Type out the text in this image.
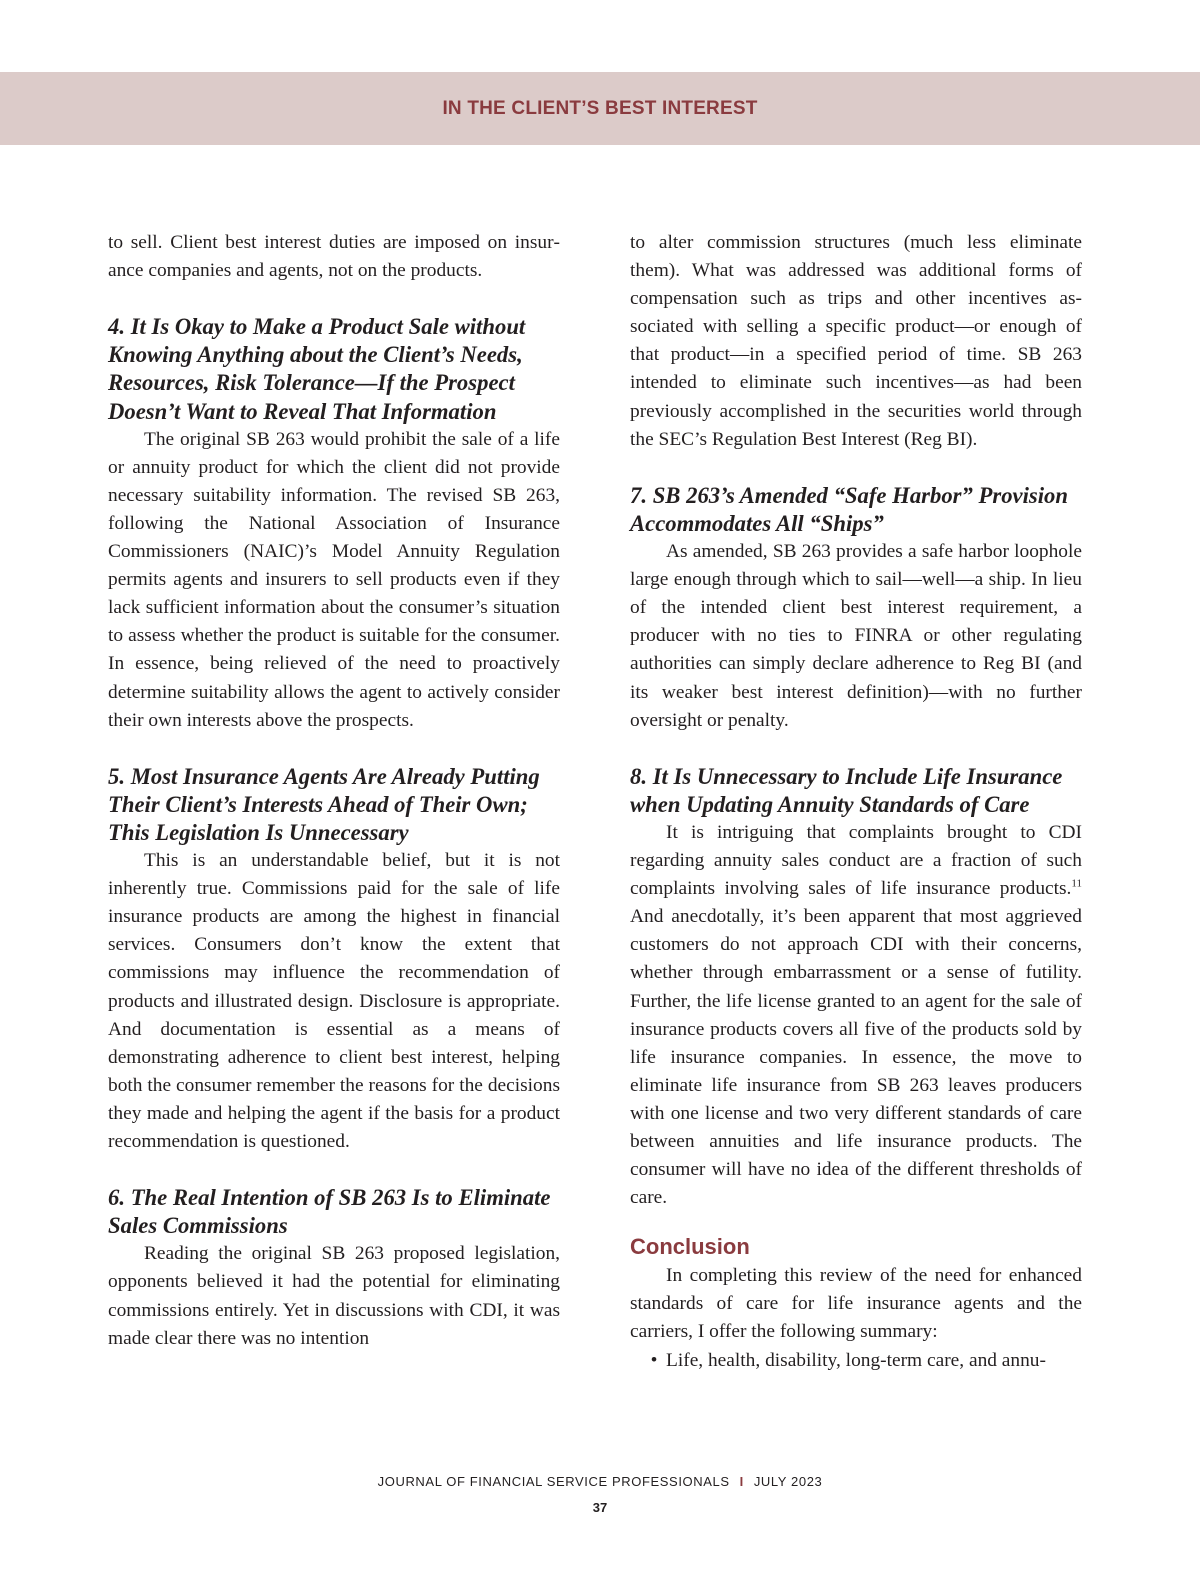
IN THE CLIENT’S BEST INTEREST

to sell. Client best interest duties are imposed on insurance companies and agents, not on the products.

4. It Is Okay to Make a Product Sale without Knowing Anything about the Client’s Needs, Resources, Risk Tolerance—If the Prospect Doesn’t Want to Reveal That Information

The original SB 263 would prohibit the sale of a life or annuity product for which the client did not provide necessary suitability information. The revised SB 263, following the National Association of Insurance Commissioners (NAIC)’s Model Annuity Regulation permits agents and insurers to sell products even if they lack sufficient information about the consumer’s situation to assess whether the product is suitable for the consumer. In essence, being relieved of the need to proactively determine suitability allows the agent to actively consider their own interests above the prospects.

5. Most Insurance Agents Are Already Putting Their Client’s Interests Ahead of Their Own; This Legislation Is Unnecessary

This is an understandable belief, but it is not inherently true. Commissions paid for the sale of life insurance products are among the highest in financial services. Consumers don’t know the extent that commissions may influence the recommendation of products and illustrated design. Disclosure is appropriate. And documentation is essential as a means of demonstrating adherence to client best interest, helping both the consumer remember the reasons for the decisions they made and helping the agent if the basis for a product recommendation is questioned.

6. The Real Intention of SB 263 Is to Eliminate Sales Commissions

Reading the original SB 263 proposed legislation, opponents believed it had the potential for eliminating commissions entirely. Yet in discussions with CDI, it was made clear there was no intention

to alter commission structures (much less eliminate them). What was addressed was additional forms of compensation such as trips and other incentives associated with selling a specific product—or enough of that product—in a specified period of time. SB 263 intended to eliminate such incentives—as had been previously accomplished in the securities world through the SEC’s Regulation Best Interest (Reg BI).

7. SB 263’s Amended “Safe Harbor” Provision Accommodates All “Ships”

As amended, SB 263 provides a safe harbor loophole large enough through which to sail—well—a ship. In lieu of the intended client best interest requirement, a producer with no ties to FINRA or other regulating authorities can simply declare adherence to Reg BI (and its weaker best interest definition)—with no further oversight or penalty.

8. It Is Unnecessary to Include Life Insurance when Updating Annuity Standards of Care

It is intriguing that complaints brought to CDI regarding annuity sales conduct are a fraction of such complaints involving sales of life insurance products.$^{11}$ And anecdotally, it’s been apparent that most aggrieved customers do not approach CDI with their concerns, whether through embarrassment or a sense of futility. Further, the life license granted to an agent for the sale of insurance products covers all five of the products sold by life insurance companies. In essence, the move to eliminate life insurance from SB 263 leaves producers with one license and two very different standards of care between annuities and life insurance products. The consumer will have no idea of the different thresholds of care.

Conclusion

In completing this review of the need for enhanced standards of care for life insurance agents and the carriers, I offer the following summary:

• Life, health, disability, long-term care, and annu-
JOURNAL OF FINANCIAL SERVICE PROFESSIONALS I JULY 2023
37
